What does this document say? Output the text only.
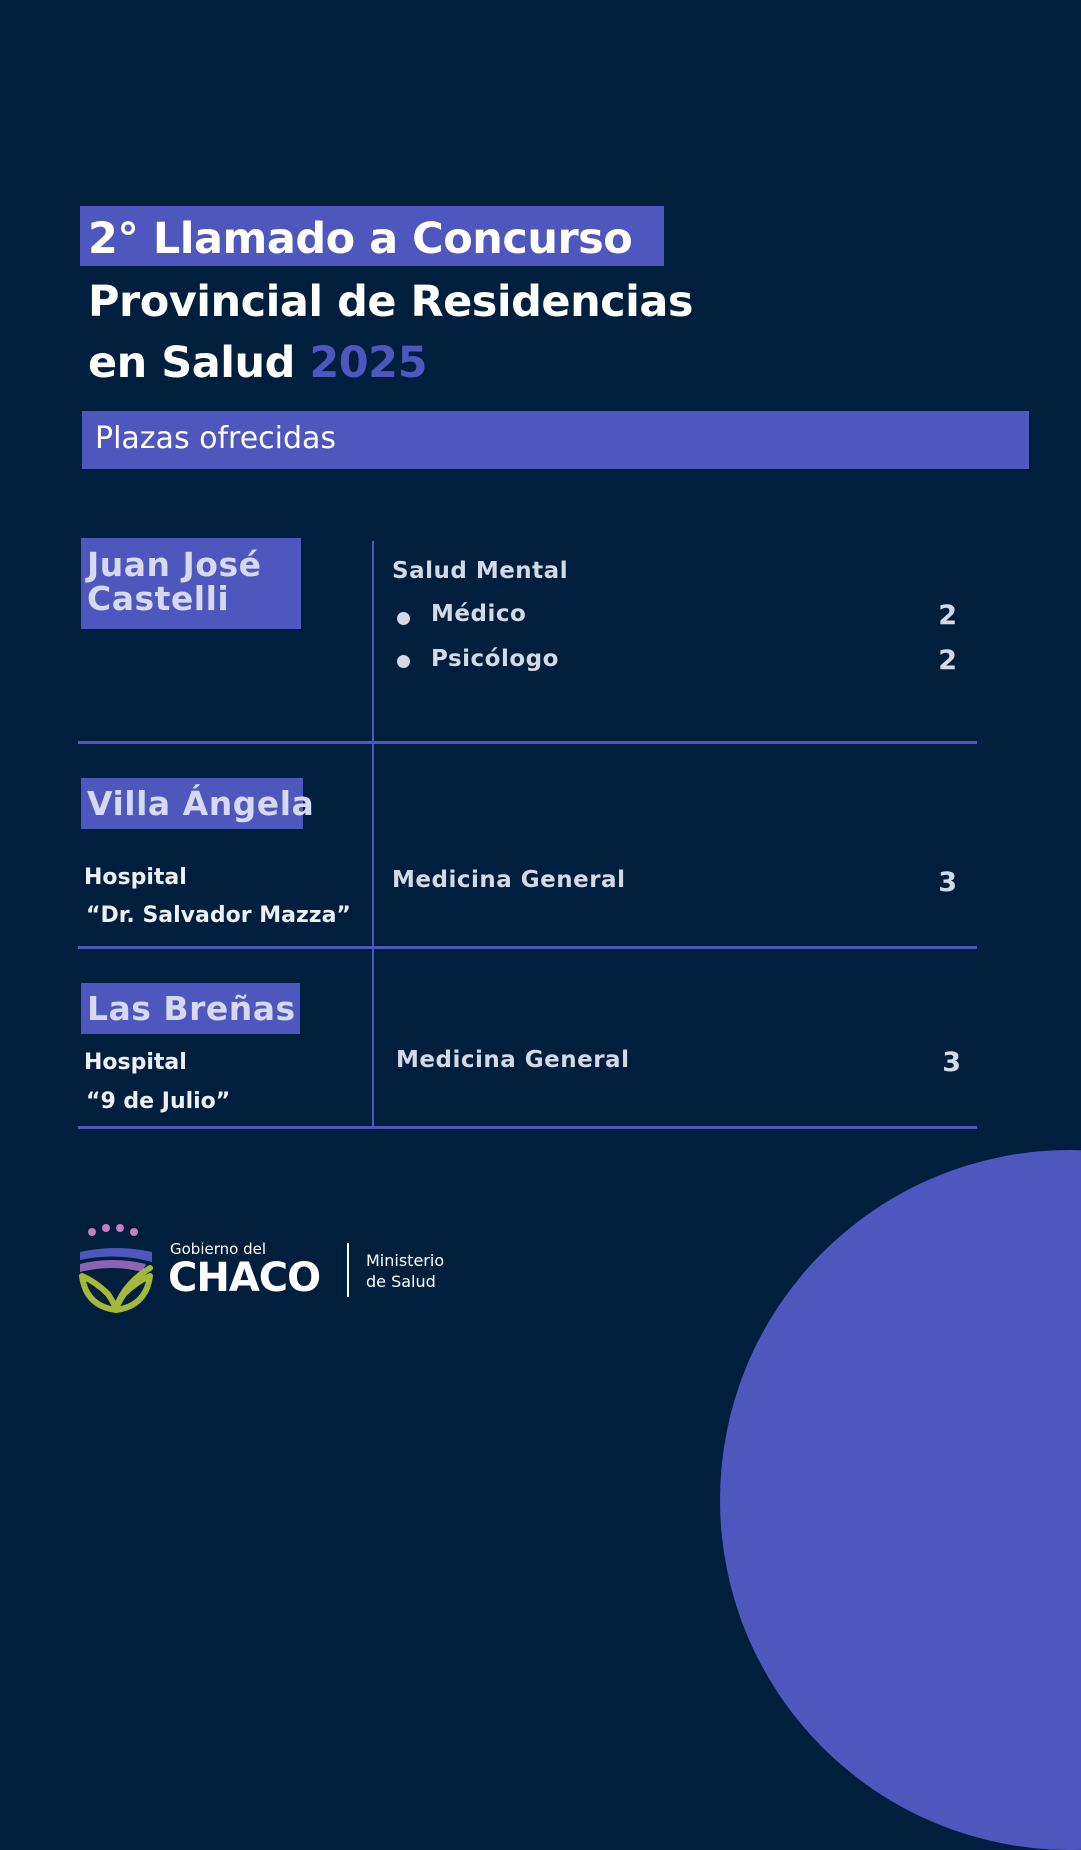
2° Llamado a Concurso
Provincial de Residencias
en Salud 2025
Plazas ofrecidas
Juan José
Castelli
Salud Mental
Médico	2
Psicólogo	2
Villa Ángela
Hospital
“Dr. Salvador Mazza”
Medicina General	3
Las Breñas
Hospital
“9 de Julio”
Medicina General	3
Gobierno del
CHACO	Ministerio
de Salud
